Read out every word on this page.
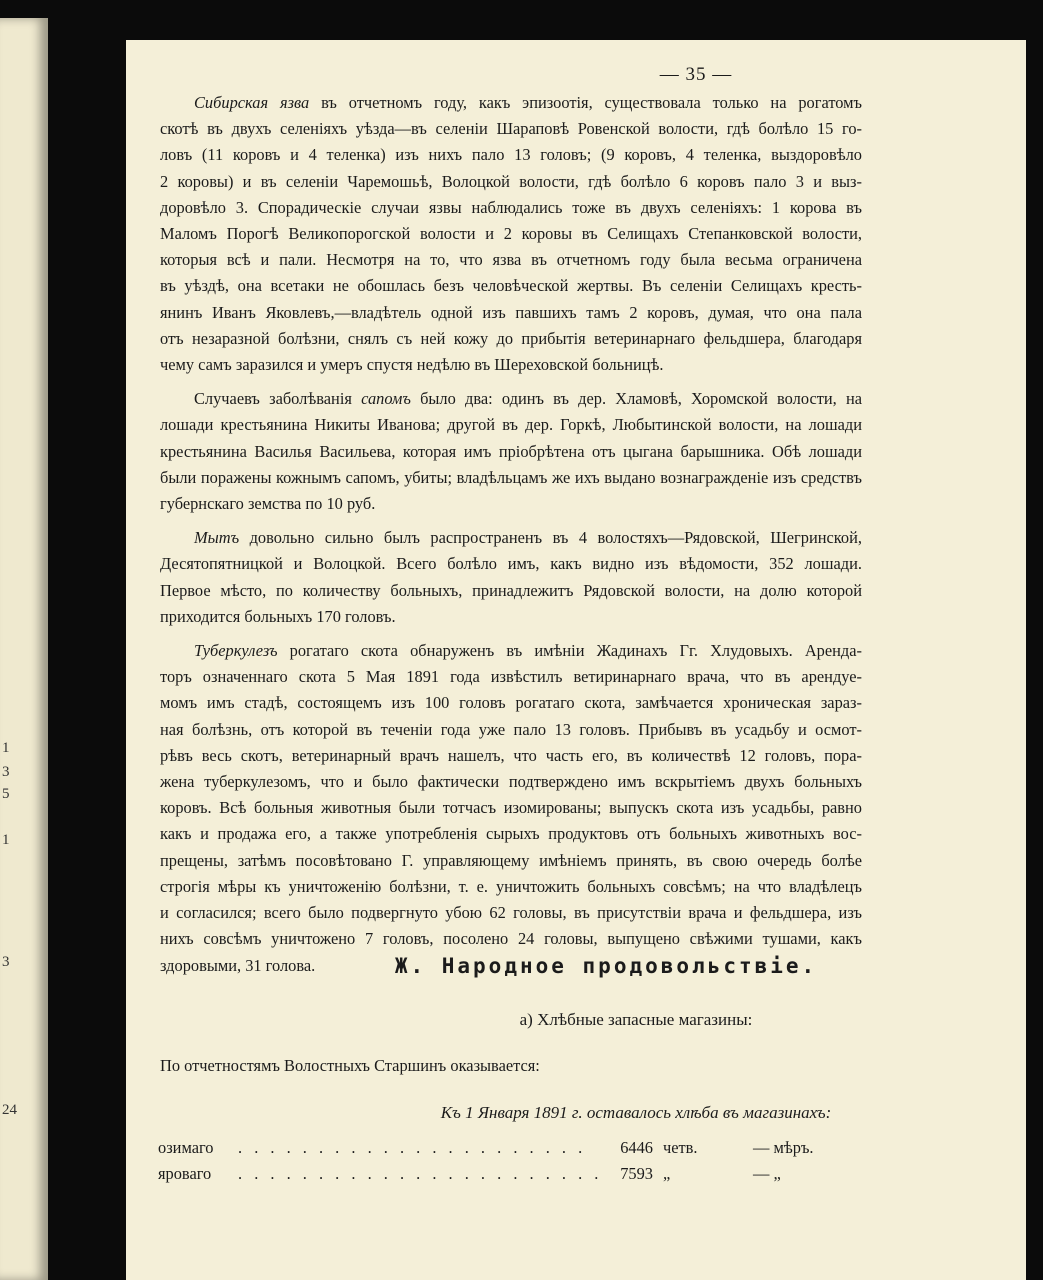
1
3
5
1
3
24
— 35 —

Сибирская язва въ отчетномъ году, какъ эпизоотія, существовала только на рогатомъ
скотѣ въ двухъ селеніяхъ уѣзда—въ селеніи Шараповѣ Ровенской волости, гдѣ болѣло 15 го-
ловъ (11 коровъ и 4 теленка) изъ нихъ пало 13 головъ; (9 коровъ, 4 теленка, выздоровѣло
2 коровы) и въ селеніи Чаремошьѣ, Волоцкой волости, гдѣ болѣло 6 коровъ пало 3 и выз-
доровѣло 3. Спорадическіе случаи язвы наблюдались тоже въ двухъ селеніяхъ: 1 корова въ
Маломъ Порогѣ Великопорогской волости и 2 коровы въ Селищахъ Степанковской волости,
которыя всѣ и пали. Несмотря на то, что язва въ отчетномъ году была весьма ограничена
въ уѣздѣ, она всетаки не обошлась безъ человѣческой жертвы. Въ селеніи Селищахъ кресть-
янинъ Иванъ Яковлевъ,—владѣтель одной изъ павшихъ тамъ 2 коровъ, думая, что она пала
отъ незаразной болѣзни, снялъ съ ней кожу до прибытія ветеринарнаго фельдшера, благодаря
чему самъ заразился и умеръ спустя недѣлю въ Шереховской больницѣ.

Случаевъ заболѣванія сапомъ было два: одинъ въ дер. Хламовѣ, Хоромской волости, на
лошади крестьянина Никиты Иванова; другой въ дер. Горкѣ, Любытинской волости, на лошади
крестьянина Василья Васильева, которая имъ пріобрѣтена отъ цыгана барышника. Обѣ лошади
были поражены кожнымъ сапомъ, убиты; владѣльцамъ же ихъ выдано вознагражденіе изъ средствъ
губернскаго земства по 10 руб.

Мытъ довольно сильно былъ распространенъ въ 4 волостяхъ—Рядовской, Шегринской,
Десятопятницкой и Волоцкой. Всего болѣло имъ, какъ видно изъ вѣдомости, 352 лошади.
Первое мѣсто, по количеству больныхъ, принадлежитъ Рядовской волости, на долю которой
приходится больныхъ 170 головъ.

Туберкулезъ рогатаго скота обнаруженъ въ имѣніи Жадинахъ Гг. Хлудовыхъ. Аренда-
торъ означеннаго скота 5 Мая 1891 года извѣстилъ ветиринарнаго врача, что въ арендуе-
момъ имъ стадѣ, состоящемъ изъ 100 головъ рогатаго скота, замѣчается хроническая зараз-
ная болѣзнь, отъ которой въ теченіи года уже пало 13 головъ. Прибывъ въ усадьбу и осмот-
рѣвъ весь скотъ, ветеринарный врачъ нашелъ, что часть его, въ количествѣ 12 головъ, пора-
жена туберкулезомъ, что и было фактически подтверждено имъ вскрытіемъ двухъ больныхъ
коровъ. Всѣ больныя животныя были тотчасъ изомированы; выпускъ скота изъ усадьбы, равно
какъ и продажа его, а также употребленія сырыхъ продуктовъ отъ больныхъ животныхъ вос-
прещены, затѣмъ посовѣтовано Г. управляющему имѣніемъ принять, въ свою очередь болѣе
строгія мѣры къ уничтоженію болѣзни, т. е. уничтожить больныхъ совсѣмъ; на что владѣлецъ
и согласился; всего было подвергнуто убою 62 головы, въ присутствіи врача и фельдшера, изъ
нихъ совсѣмъ уничтожено 7 головъ, посолено 24 головы, выпущено свѣжими тушами, какъ
здоровыми, 31 голова.	Ж. Народное продовольствіе.
а) Хлѣбные запасные магазины:
По отчетностямъ Волостныхъ Старшинъ оказывается:
Къ 1 Января 1891 г. оставалось хлѣба въ магазинахъ:
озимаго	. . . . . . . . . . . . . . . . . . . . . .	6446 четв.	— мѣръ.
яроваго	. . . . . . . . . . . . . . . . . . . . . . .	7593 „	— „
